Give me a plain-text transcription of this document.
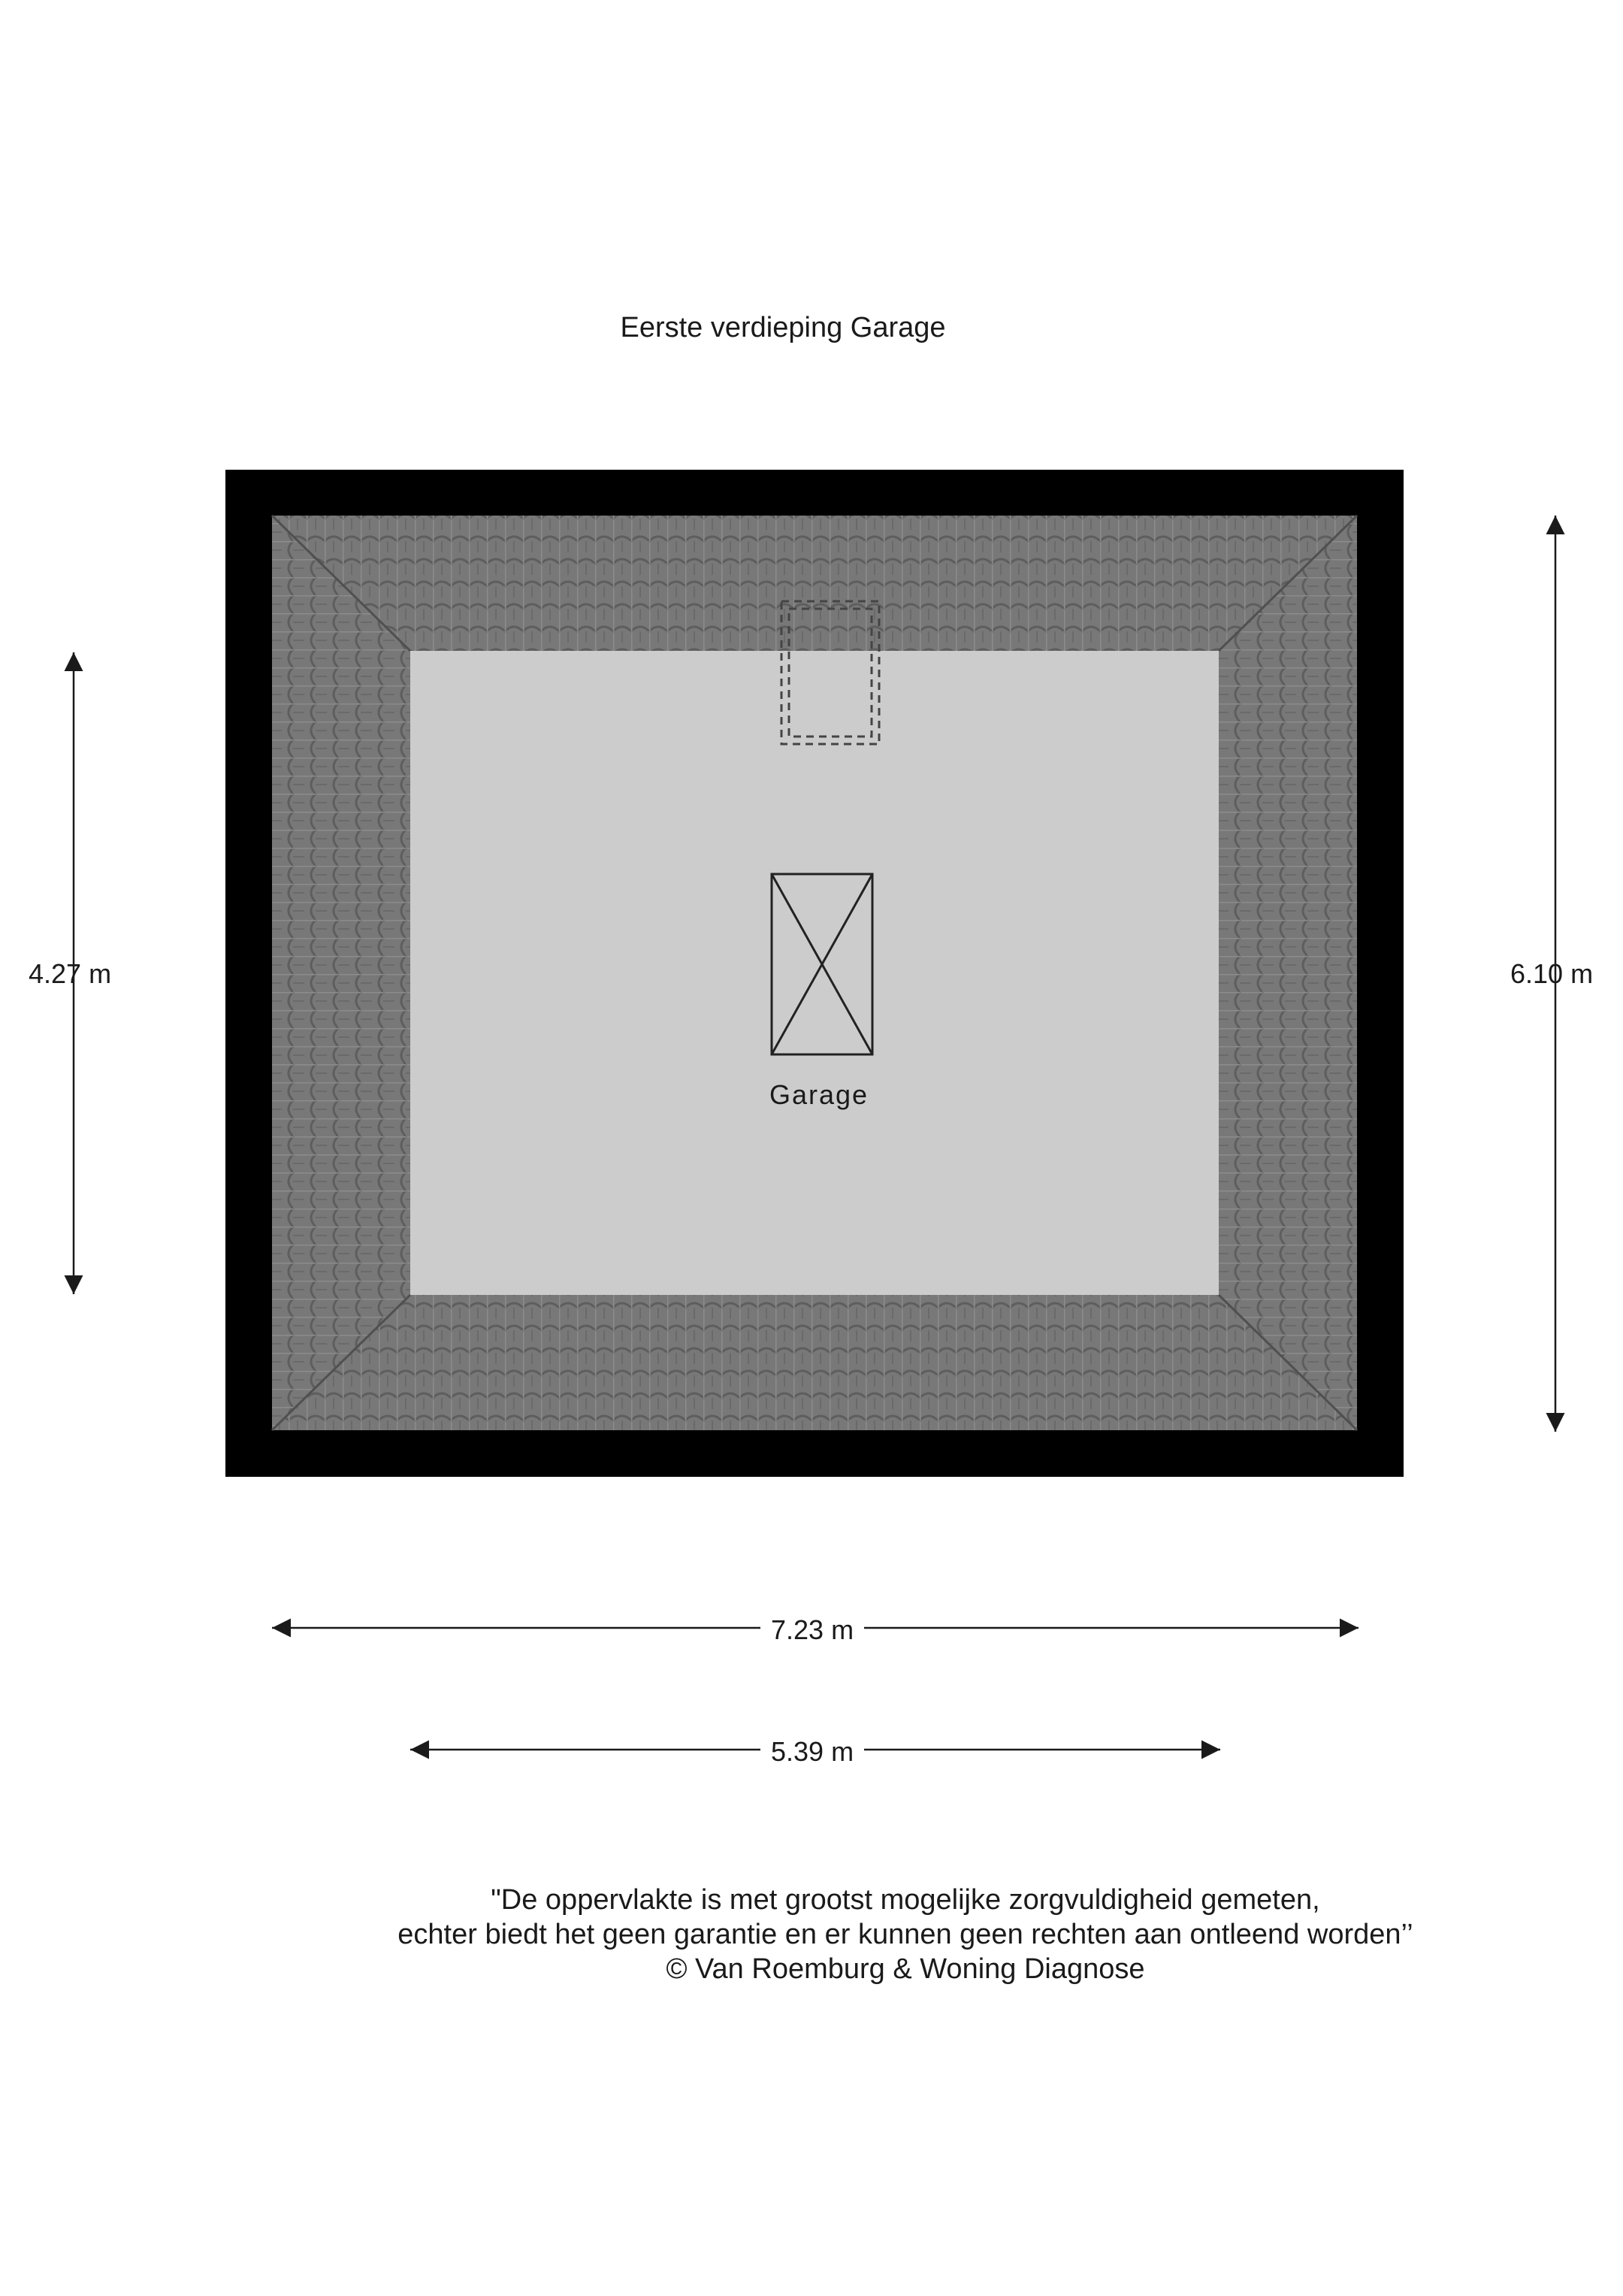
Eerste verdieping Garage
Garage
4.27 m	6.10 m
7.23 m
5.39 m
"De oppervlakte is met grootst mogelijke zorgvuldigheid gemeten,
echter biedt het geen garantie en er kunnen geen rechten aan ontleend worden’’
© Van Roemburg & Woning Diagnose
